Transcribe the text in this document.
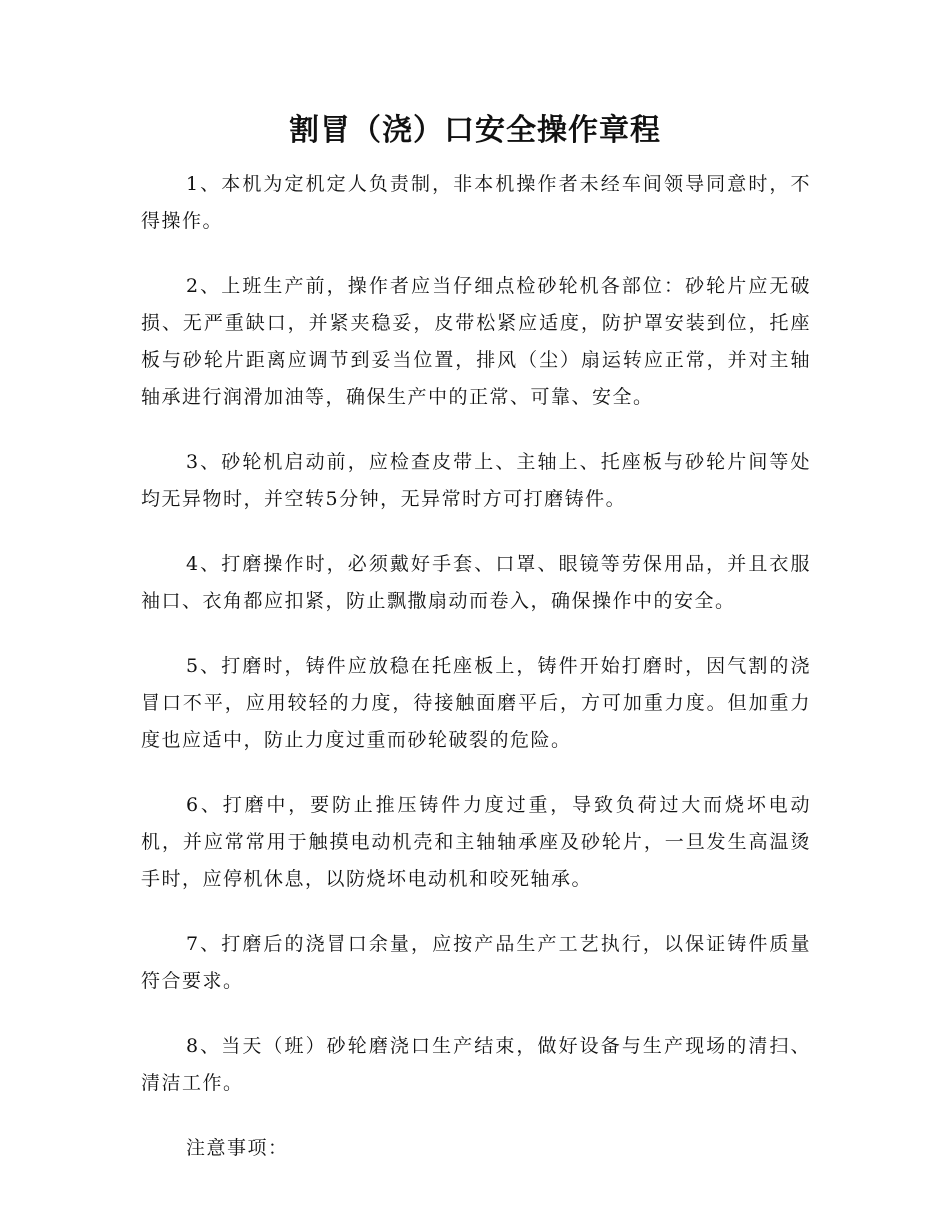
割冒（浇）口安全操作章程

1、本机为定机定人负责制，非本机操作者未经车间领导同意时，不得操作。

2、上班生产前，操作者应当仔细点检砂轮机各部位：砂轮片应无破损、无严重缺口，并紧夹稳妥，皮带松紧应适度，防护罩安装到位，托座板与砂轮片距离应调节到妥当位置，排风（尘）扇运转应正常，并对主轴轴承进行润滑加油等，确保生产中的正常、可靠、安全。

3、砂轮机启动前，应检查皮带上、主轴上、托座板与砂轮片间等处均无异物时，并空转5分钟，无异常时方可打磨铸件。

4、打磨操作时，必须戴好手套、口罩、眼镜等劳保用品，并且衣服袖口、衣角都应扣紧，防止飘撒扇动而卷入，确保操作中的安全。

5、打磨时，铸件应放稳在托座板上，铸件开始打磨时，因气割的浇冒口不平，应用较轻的力度，待接触面磨平后，方可加重力度。但加重力度也应适中，防止力度过重而砂轮破裂的危险。

6、打磨中，要防止推压铸件力度过重，导致负荷过大而烧坏电动机，并应常常用于触摸电动机壳和主轴轴承座及砂轮片，一旦发生高温烫手时，应停机休息，以防烧坏电动机和咬死轴承。

7、打磨后的浇冒口余量，应按产品生产工艺执行，以保证铸件质量符合要求。

8、当天（班）砂轮磨浇口生产结束，做好设备与生产现场的清扫、清洁工作。

注意事项：
